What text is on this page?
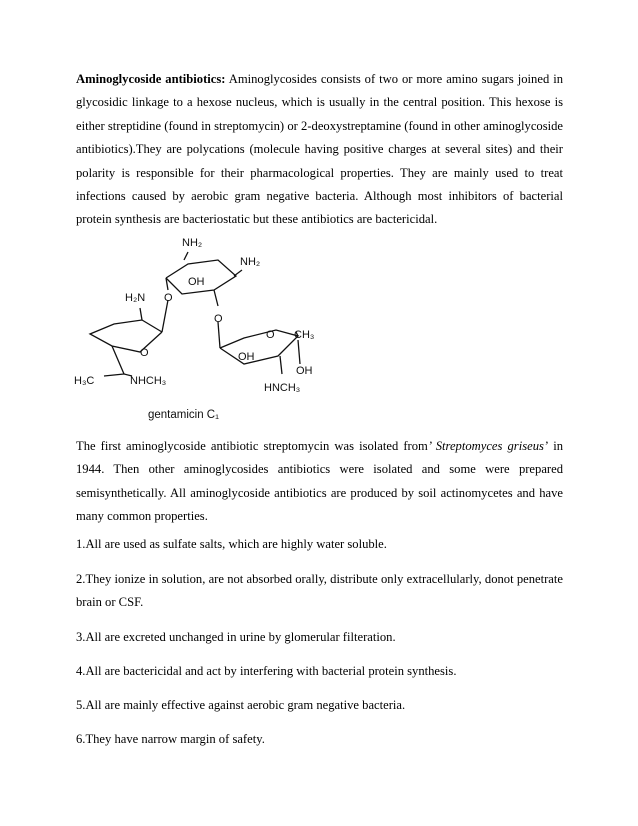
Aminoglycoside antibiotics: Aminoglycosides consists of two or more amino sugars joined in glycosidic linkage to a hexose nucleus, which is usually in the central position. This hexose is either streptidine (found in streptomycin) or 2-deoxystreptamine (found in other aminoglycoside antibiotics).They are polycations (molecule having positive charges at several sites) and their polarity is responsible for their pharmacological properties. They are mainly used to treat infections caused by aerobic gram negative bacteria. Although most inhibitors of bacterial protein synthesis are bacteriostatic but these antibiotics are bactericidal.

NH₂
NH₂
H₂N
OH
O
O
O
O CH₃
OH
OH
HNCH₃
H₃C	NHCH₃
gentamicin C₁

The first aminoglycoside antibiotic streptomycin was isolated from’ Streptomyces griseus’ in 1944. Then other aminoglycosides antibiotics were isolated and some were prepared semisynthetically. All aminoglycoside antibiotics are produced by soil actinomycetes and have many common properties.

1.All are used as sulfate salts, which are highly water soluble.

2.They ionize in solution, are not absorbed orally, distribute only extracellularly, donot penetrate brain or CSF.

3.All are excreted unchanged in urine by glomerular filteration.

4.All are bactericidal and act by interfering with bacterial protein synthesis.

5.All are mainly effective against aerobic gram negative bacteria.

6.They have narrow margin of safety.
